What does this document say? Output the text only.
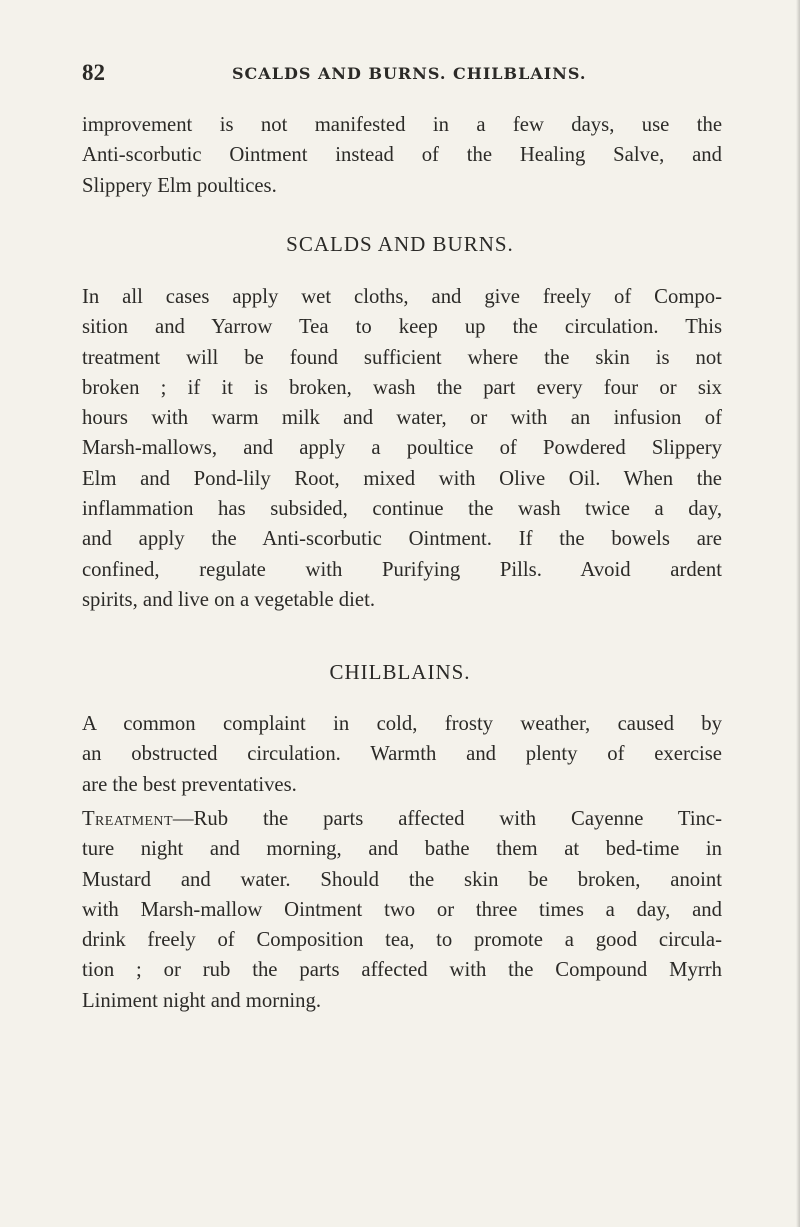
82	SCALDS AND BURNS. CHILBLAINS.
improvement is not manifested in a few days, use the
Anti-scorbutic Ointment instead of the Healing Salve, and
Slippery Elm poultices.
SCALDS AND BURNS.
In all cases apply wet cloths, and give freely of Compo-
sition and Yarrow Tea to keep up the circulation. This
treatment will be found sufficient where the skin is not
broken ; if it is broken, wash the part every four or six
hours with warm milk and water, or with an infusion of
Marsh-mallows, and apply a poultice of Powdered Slippery
Elm and Pond-lily Root, mixed with Olive Oil. When the
inflammation has subsided, continue the wash twice a day,
and apply the Anti-scorbutic Ointment. If the bowels are
confined, regulate with Purifying Pills. Avoid ardent
spirits, and live on a vegetable diet.
CHILBLAINS.
A common complaint in cold, frosty weather, caused by
an obstructed circulation. Warmth and plenty of exercise
are the best preventatives.
Treatment—Rub the parts affected with Cayenne Tinc-
ture night and morning, and bathe them at bed-time in
Mustard and water. Should the skin be broken, anoint
with Marsh-mallow Ointment two or three times a day, and
drink freely of Composition tea, to promote a good circula-
tion ; or rub the parts affected with the Compound Myrrh
Liniment night and morning.
